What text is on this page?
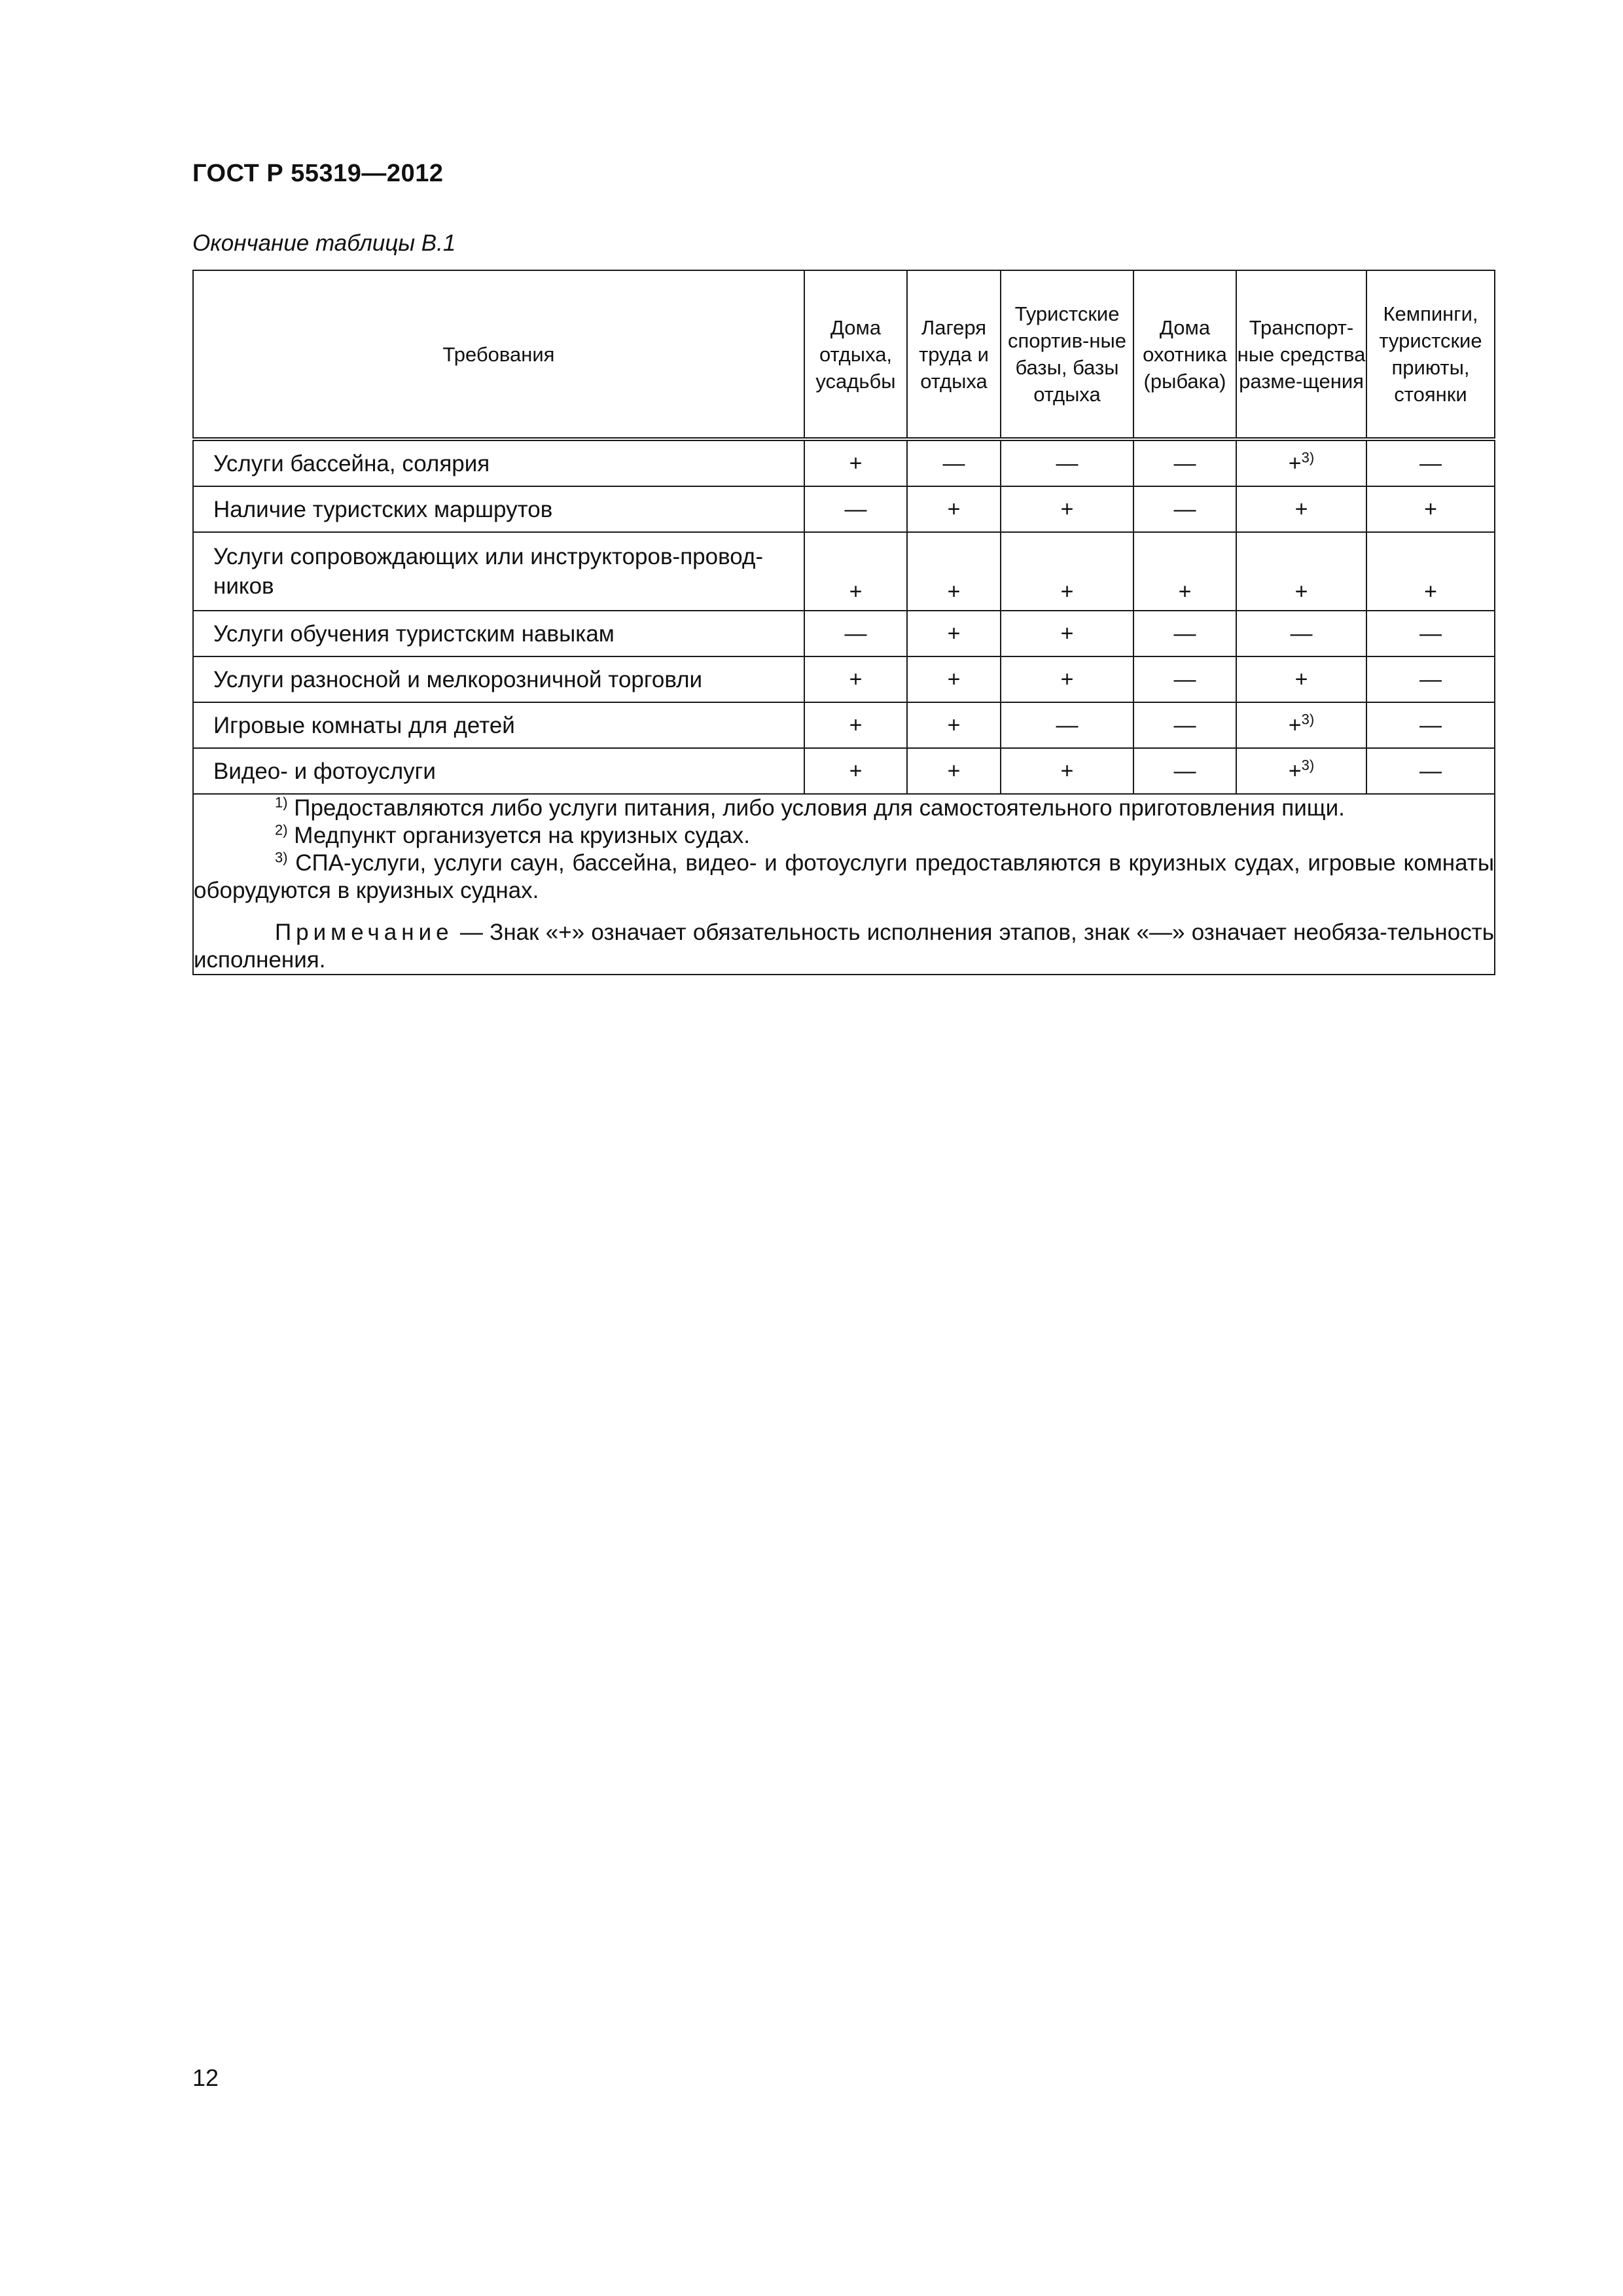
ГОСТ Р 55319—2012
Окончание таблицы В.1
Требования	Дома отдыха, усадьбы	Лагеря труда и отдыха	Туристские спортив-ные базы, базы отдыха	Дома охотника (рыбака)	Транспорт-ные средства разме-щения	Кемпинги, туристские приюты, стоянки
Услуги бассейна, солярия	+	—	—	—	+$^{3)}$	—
Наличие туристских маршрутов	—	+	+	—	+	+
Услуги сопровождающих или инструкторов-провод-ников	+	+	+	+	+	+
Услуги обучения туристским навыкам	—	+	+	—	—	—
Услуги разносной и мелкорозничной торговли	+	+	+	—	+	—
Игровые комнаты для детей	+	+	—	—	+$^{3)}$	—
Видео- и фотоуслуги	+	+	+	—	+$^{3)}$	—

$^{1)}$ Предоставляются либо услуги питания, либо условия для самостоятельного приготовления пищи.

$^{2)}$ Медпункт организуется на круизных судах.

$^{3)}$ СПА-услуги, услуги саун, бассейна, видео- и фотоуслуги предоставляются в круизных судах, игровые комнаты оборудуются в круизных суднах.

Примечание — Знак «+» означает обязательность исполнения этапов, знак «—» означает необяза-тельность исполнения.						

12
